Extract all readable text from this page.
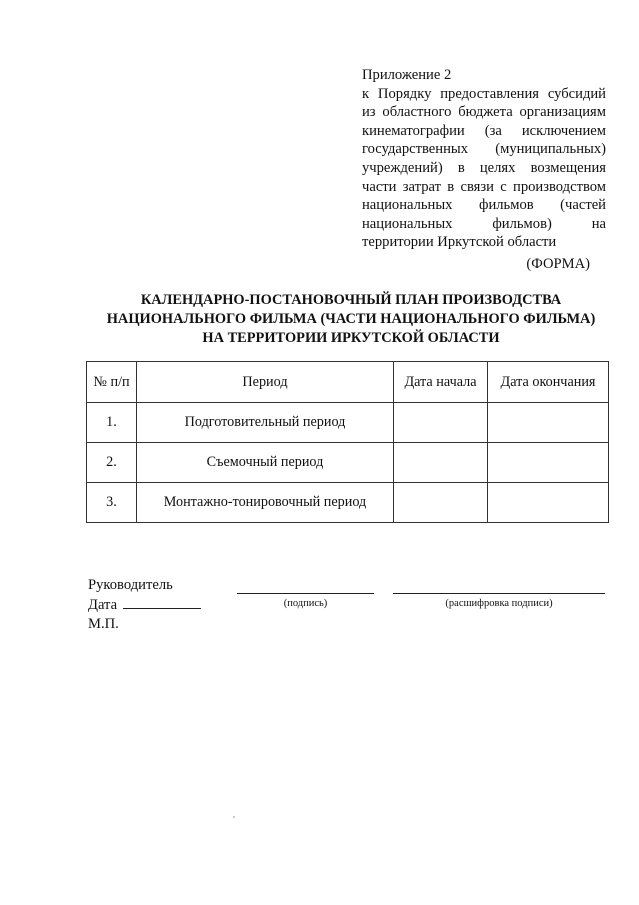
Приложение 2
к Порядку предоставления субсидий
из областного бюджета организациям
кинематографии (за исключением
государственных (муниципальных)
учреждений) в целях возмещения
части затрат в связи с производством
национальных фильмов (частей
национальных фильмов) на
территории Иркутской области
(ФОРМА)
КАЛЕНДАРНО-ПОСТАНОВОЧНЫЙ ПЛАН ПРОИЗВОДСТВА
НАЦИОНАЛЬНОГО ФИЛЬМА (ЧАСТИ НАЦИОНАЛЬНОГО ФИЛЬМА)
НА ТЕРРИТОРИИ ИРКУТСКОЙ ОБЛАСТИ
№ п/п	Период	Дата начала	Дата окончания
1.	Подготовительный период		
2.	Съемочный период		
3.	Монтажно-тонировочный период		
Руководитель
Дата
М.П.
(подпись)	(расшифровка подписи)
